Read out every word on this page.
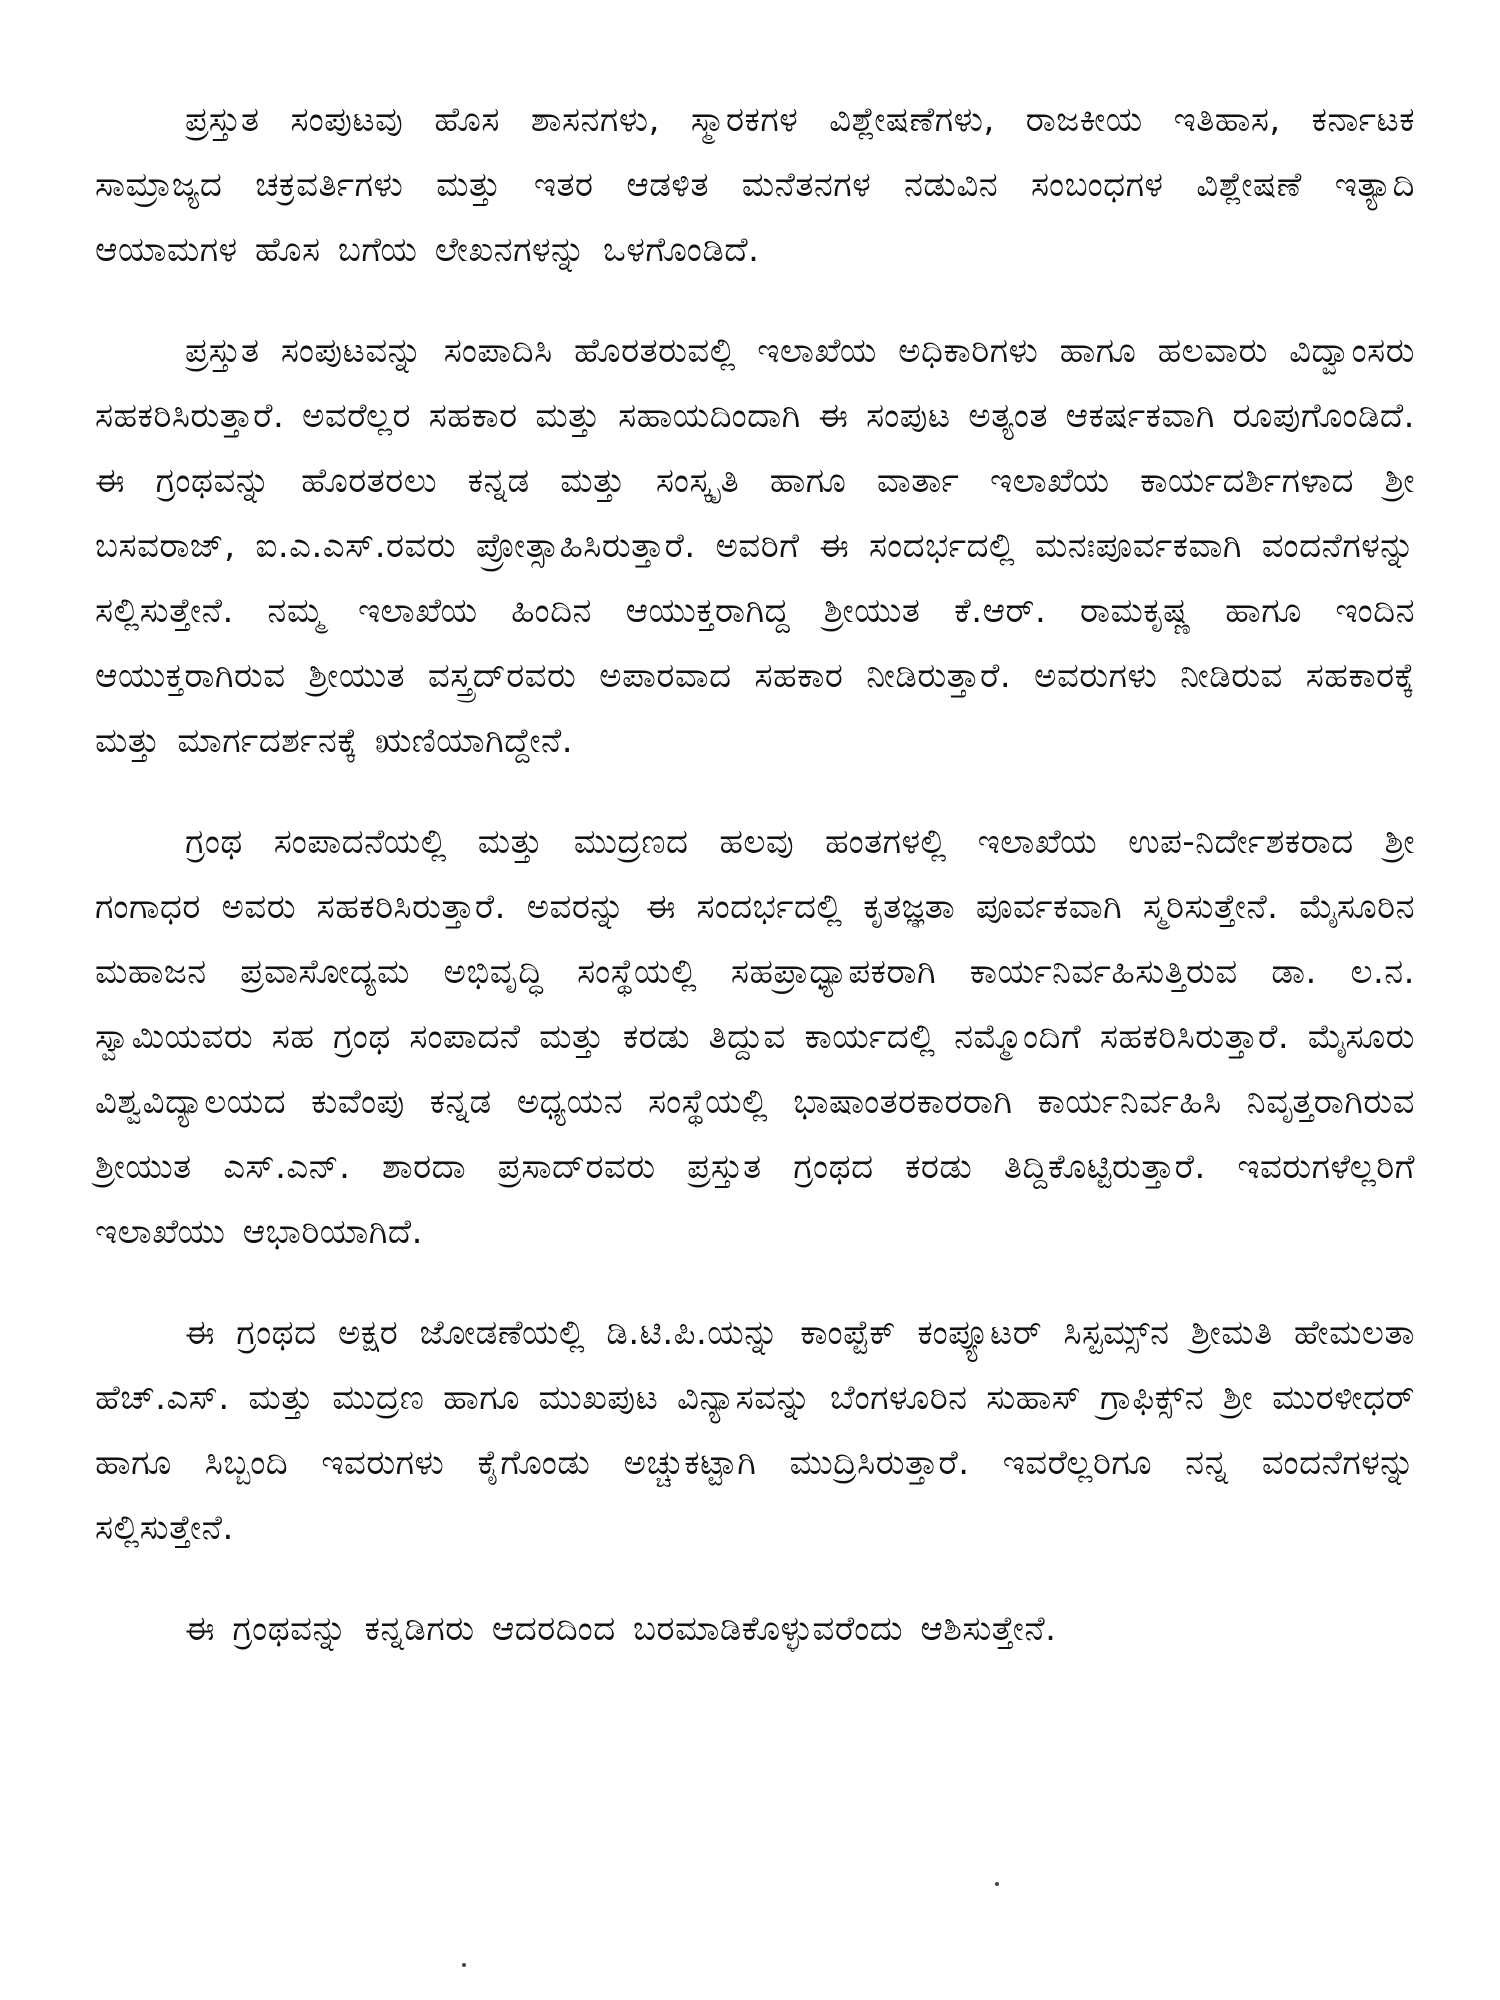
ಪ್ರಸ್ತುತ ಸಂಪುಟವು ಹೊಸ ಶಾಸನಗಳು, ಸ್ಮಾರಕಗಳ ವಿಶ್ಲೇಷಣೆಗಳು, ರಾಜಕೀಯ ಇತಿಹಾಸ, ಕರ್ನಾಟಕ ಸಾಮ್ರಾಜ್ಯದ ಚಕ್ರವರ್ತಿಗಳು ಮತ್ತು ಇತರ ಆಡಳಿತ ಮನೆತನಗಳ ನಡುವಿನ ಸಂಬಂಧಗಳ ವಿಶ್ಲೇಷಣೆ ಇತ್ಯಾದಿ ಆಯಾಮಗಳ ಹೊಸ ಬಗೆಯ ಲೇಖನಗಳನ್ನು ಒಳಗೊಂಡಿದೆ.

ಪ್ರಸ್ತುತ ಸಂಪುಟವನ್ನು ಸಂಪಾದಿಸಿ ಹೊರತರುವಲ್ಲಿ ಇಲಾಖೆಯ ಅಧಿಕಾರಿಗಳು ಹಾಗೂ ಹಲವಾರು ವಿದ್ವಾಂಸರು ಸಹಕರಿಸಿರುತ್ತಾರೆ. ಅವರೆಲ್ಲರ ಸಹಕಾರ ಮತ್ತು ಸಹಾಯದಿಂದಾಗಿ ಈ ಸಂಪುಟ ಅತ್ಯಂತ ಆಕರ್ಷಕವಾಗಿ ರೂಪುಗೊಂಡಿದೆ. ಈ ಗ್ರಂಥವನ್ನು ಹೊರತರಲು ಕನ್ನಡ ಮತ್ತು ಸಂಸ್ಕೃತಿ ಹಾಗೂ ವಾರ್ತಾ ಇಲಾಖೆಯ ಕಾರ್ಯದರ್ಶಿಗಳಾದ ಶ್ರೀ ಬಸವರಾಜ್, ಐ.ಎ.ಎಸ್.ರವರು ಪ್ರೋತ್ಸಾಹಿಸಿರುತ್ತಾರೆ. ಅವರಿಗೆ ಈ ಸಂದರ್ಭದಲ್ಲಿ ಮನಃಪೂರ್ವಕವಾಗಿ ವಂದನೆಗಳನ್ನು ಸಲ್ಲಿಸುತ್ತೇನೆ. ನಮ್ಮ ಇಲಾಖೆಯ ಹಿಂದಿನ ಆಯುಕ್ತರಾಗಿದ್ದ ಶ್ರೀಯುತ ಕೆ.ಆರ್. ರಾಮಕೃಷ್ಣ ಹಾಗೂ ಇಂದಿನ ಆಯುಕ್ತರಾಗಿರುವ ಶ್ರೀಯುತ ವಸ್ತ್ರದ್‌ರವರು ಅಪಾರವಾದ ಸಹಕಾರ ನೀಡಿರುತ್ತಾರೆ. ಅವರುಗಳು ನೀಡಿರುವ ಸಹಕಾರಕ್ಕೆ ಮತ್ತು ಮಾರ್ಗದರ್ಶನಕ್ಕೆ ಋಣಿಯಾಗಿದ್ದೇನೆ.

ಗ್ರಂಥ ಸಂಪಾದನೆಯಲ್ಲಿ ಮತ್ತು ಮುದ್ರಣದ ಹಲವು ಹಂತಗಳಲ್ಲಿ ಇಲಾಖೆಯ ಉಪ-ನಿರ್ದೇಶಕರಾದ ಶ್ರೀ ಗಂಗಾಧರ ಅವರು ಸಹಕರಿಸಿರುತ್ತಾರೆ. ಅವರನ್ನು ಈ ಸಂದರ್ಭದಲ್ಲಿ ಕೃತಜ್ಞತಾ ಪೂರ್ವಕವಾಗಿ ಸ್ಮರಿಸುತ್ತೇನೆ. ಮೈಸೂರಿನ ಮಹಾಜನ ಪ್ರವಾಸೋದ್ಯಮ ಅಭಿವೃದ್ಧಿ ಸಂಸ್ಥೆಯಲ್ಲಿ ಸಹಪ್ರಾಧ್ಯಾಪಕರಾಗಿ ಕಾರ್ಯನಿರ್ವಹಿಸುತ್ತಿರುವ ಡಾ. ಲ.ನ. ಸ್ವಾಮಿಯವರು ಸಹ ಗ್ರಂಥ ಸಂಪಾದನೆ ಮತ್ತು ಕರಡು ತಿದ್ದುವ ಕಾರ್ಯದಲ್ಲಿ ನಮ್ಮೊಂದಿಗೆ ಸಹಕರಿಸಿರುತ್ತಾರೆ. ಮೈಸೂರು ವಿಶ್ವವಿದ್ಯಾಲಯದ ಕುವೆಂಪು ಕನ್ನಡ ಅಧ್ಯಯನ ಸಂಸ್ಥೆಯಲ್ಲಿ ಭಾಷಾಂತರಕಾರರಾಗಿ ಕಾರ್ಯನಿರ್ವಹಿಸಿ ನಿವೃತ್ತರಾಗಿರುವ ಶ್ರೀಯುತ ಎಸ್.ಎನ್. ಶಾರದಾ ಪ್ರಸಾದ್‌ರವರು ಪ್ರಸ್ತುತ ಗ್ರಂಥದ ಕರಡು ತಿದ್ದಿಕೊಟ್ಟಿರುತ್ತಾರೆ. ಇವರುಗಳೆಲ್ಲರಿಗೆ ಇಲಾಖೆಯು ಆಭಾರಿಯಾಗಿದೆ.

ಈ ಗ್ರಂಥದ ಅಕ್ಷರ ಜೋಡಣೆಯಲ್ಲಿ ಡಿ.ಟಿ.ಪಿ.ಯನ್ನು ಕಾಂಪ್ಟೆಕ್ ಕಂಪ್ಯೂಟರ್ ಸಿಸ್ಟಮ್ಸ್‌ನ ಶ್ರೀಮತಿ ಹೇಮಲತಾ ಹೆಚ್.ಎಸ್. ಮತ್ತು ಮುದ್ರಣ ಹಾಗೂ ಮುಖಪುಟ ವಿನ್ಯಾಸವನ್ನು ಬೆಂಗಳೂರಿನ ಸುಹಾಸ್ ಗ್ರಾಫಿಕ್ಸ್‌ನ ಶ್ರೀ ಮುರಳೀಧರ್ ಹಾಗೂ ಸಿಬ್ಬಂದಿ ಇವರುಗಳು ಕೈಗೊಂಡು ಅಚ್ಚುಕಟ್ಟಾಗಿ ಮುದ್ರಿಸಿರುತ್ತಾರೆ. ಇವರೆಲ್ಲರಿಗೂ ನನ್ನ ವಂದನೆಗಳನ್ನು ಸಲ್ಲಿಸುತ್ತೇನೆ.

ಈ ಗ್ರಂಥವನ್ನು ಕನ್ನಡಿಗರು ಆದರದಿಂದ ಬರಮಾಡಿಕೊಳ್ಳುವರೆಂದು ಆಶಿಸುತ್ತೇನೆ.
